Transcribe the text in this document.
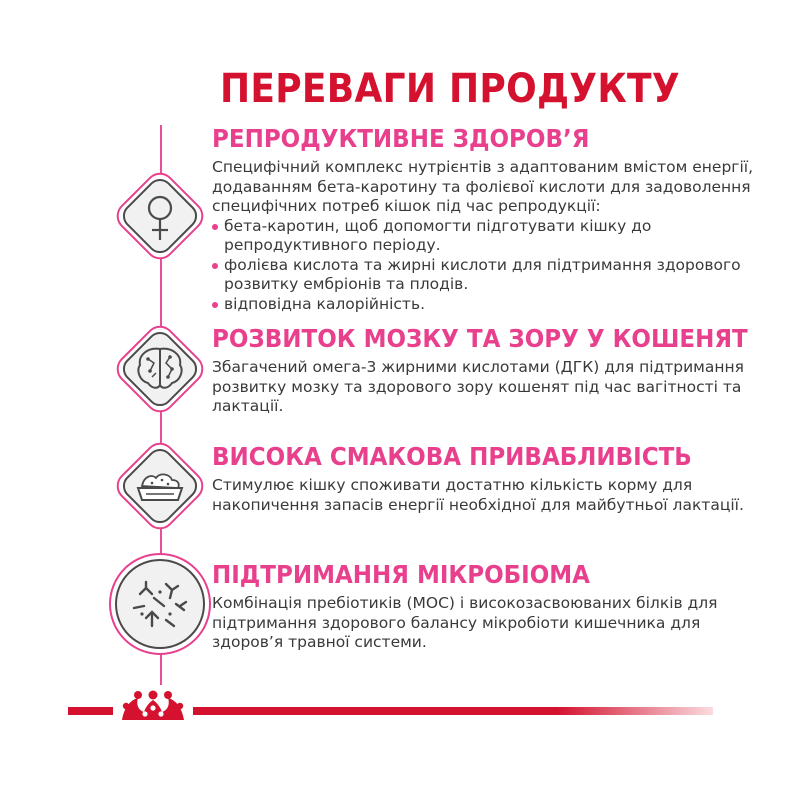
ПЕРЕВАГИ ПРОДУКТУ
РЕПРОДУКТИВНЕ ЗДОРОВ’Я

Специфічний комплекс нутрієнтів з адаптованим вмістом енергії, додаванням бета-каротину та фолієвої кислоти для задоволення специфічних потреб кішок під час репродукції:

бета-каротин, щоб допомогти підготувати кішку до репродуктивного періоду.
фолієва кислота та жирні кислоти для підтримання здорового розвитку ембріонів та плодів.
відповідна калорійність.
РОЗВИТОК МОЗКУ ТА ЗОРУ У КОШЕНЯТ

Збагачений омега-3 жирними кислотами (ДГК) для підтримання розвитку мозку та здорового зору кошенят під час вагітності та лактації.

ВИСОКА СМАКОВА ПРИВАБЛИВІСТЬ

Стимулює кішку споживати достатню кількість корму для накопичення запасів енергії необхідної для майбутньої лактації.

ПІДТРИМАННЯ МІКРОБІОМА

Комбінація пребіотиків (МОС) і високозасвоюваних білків для підтримання здорового балансу мікробіоти кишечника для здоров’я травної системи.
